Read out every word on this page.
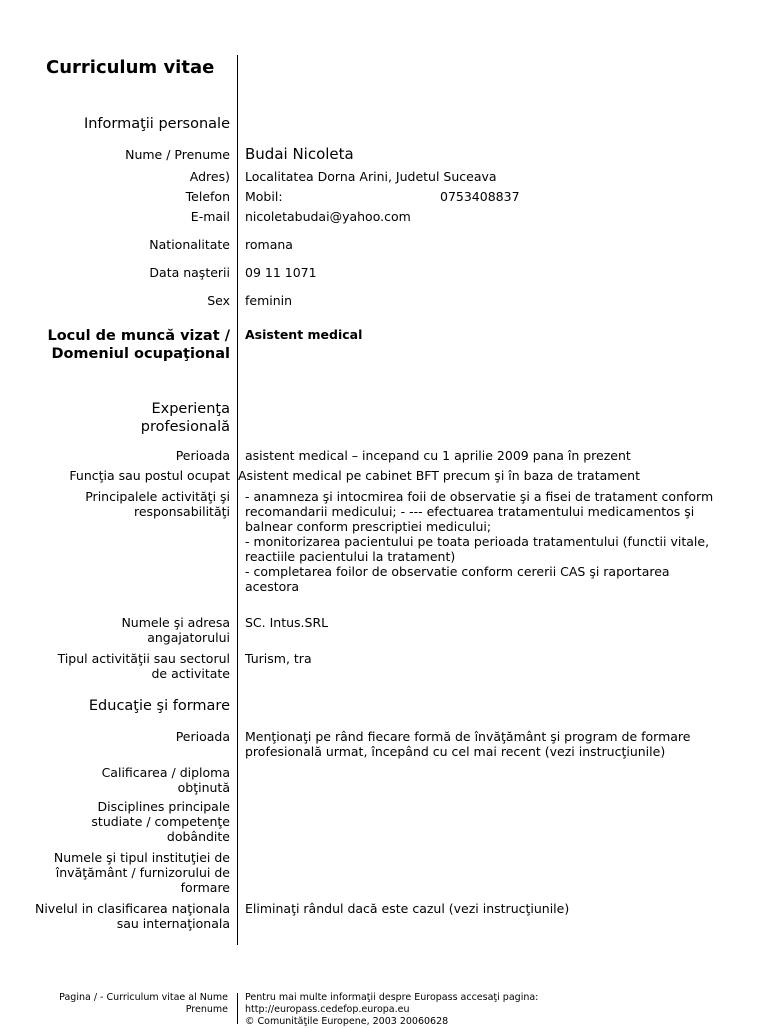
Curriculum vitae
Informaţii personale
Nume / Prenume Budai Nicoleta
Adres) Localitatea Dorna Arini, Judetul Suceava
Telefon Mobil:	0753408837
E-mail nicoletabudai@yahoo.com
Nationalitate romana
Data naşterii 09 11 1071
Sex feminin
Locul de muncă vizat / Domeniul ocupaţional
Asistent medical
Experienţa profesională
Perioada asistent medical – incepand cu 1 aprilie 2009 pana în prezent
Funcţia sau postul ocupat Asistent medical pe cabinet BFT precum şi în baza de tratament
Principalele activităţi şi responsabilităţi
- anamneza şi intocmirea foii de observatie şi a fisei de tratament conform
recomandarii medicului; - --- efectuarea tratamentului medicamentos şi
balnear conform prescriptiei medicului;
- monitorizarea pacientului pe toata perioada tratamentului (functii vitale,
reactiile pacientului la tratament)
- completarea foilor de observatie conform cererii CAS şi raportarea
acestora
Numele şi adresa angajatorului
SC. Intus.SRL
Tipul activităţii sau sectorul de activitate
Turism, tra
Educaţie şi formare
Perioada Menţionaţi pe rând fiecare formă de învăţământ şi program de formare
profesională urmat, începând cu cel mai recent (vezi instrucţiunile)
Calificarea / diploma obţinută
Disciplines principale studiate / competenţe dobândite
Numele şi tipul instituţiei de învăţământ / furnizorului de formare
Nivelul in clasificarea naţionala sau internaţionala
Eliminaţi rândul dacă este cazul (vezi instrucţiunile)
Pagina / - Curriculum vitae al Nume Prenume
Pentru mai multe informaţii despre Europass accesaţi pagina:
http://europass.cedefop.europa.eu
© Comunităţile Europene, 2003 20060628
